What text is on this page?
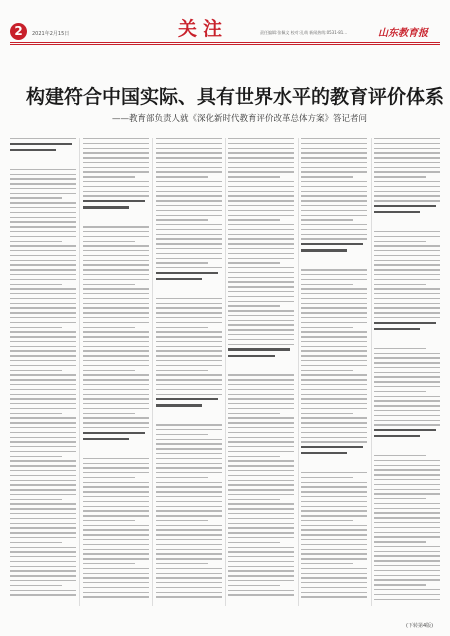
2	2021年2月15日	关注	责任编辑:张佩文 校对:孔萌 新闻热线:0531-81...	山东教育报
构建符合中国实际、具有世界水平的教育评价体系
——教育部负责人就《深化新时代教育评价改革总体方案》答记者问
(下转第4版)
